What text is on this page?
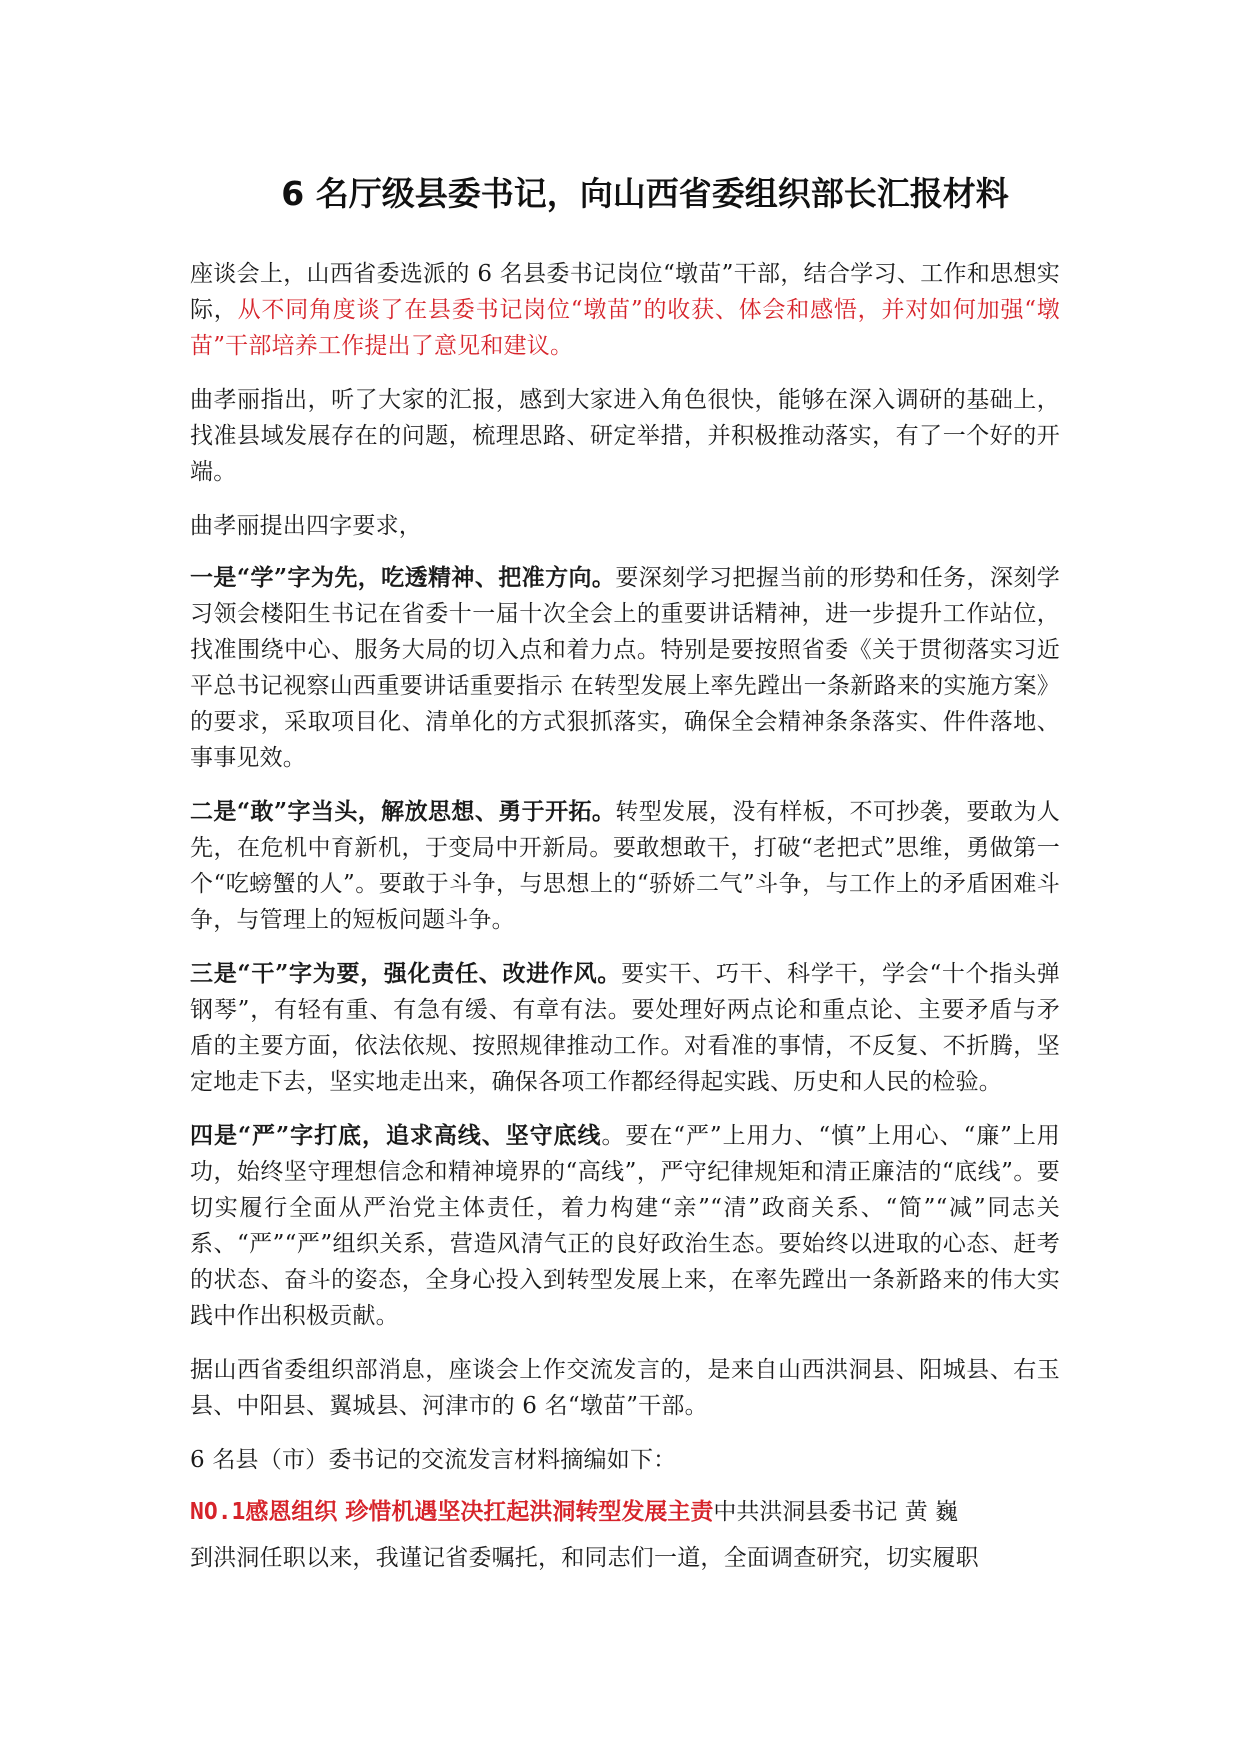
6 名厅级县委书记，向山西省委组织部长汇报材料

座谈会上，山西省委选派的 6 名县委书记岗位“墩苗”干部，结合学习、工作和思想实际，从不同角度谈了在县委书记岗位“墩苗”的收获、体会和感悟，并对如何加强“墩苗”干部培养工作提出了意见和建议。

曲孝丽指出，听了大家的汇报，感到大家进入角色很快，能够在深入调研的基础上，找准县域发展存在的问题，梳理思路、研定举措，并积极推动落实，有了一个好的开端。

曲孝丽提出四字要求，

一是“学”字为先，吃透精神、把准方向。要深刻学习把握当前的形势和任务，深刻学习领会楼阳生书记在省委十一届十次全会上的重要讲话精神，进一步提升工作站位，找准围绕中心、服务大局的切入点和着力点。特别是要按照省委《关于贯彻落实习近平总书记视察山西重要讲话重要指示 在转型发展上率先蹚出一条新路来的实施方案》的要求，采取项目化、清单化的方式狠抓落实，确保全会精神条条落实、件件落地、事事见效。

二是“敢”字当头，解放思想、勇于开拓。转型发展，没有样板，不可抄袭，要敢为人先，在危机中育新机，于变局中开新局。要敢想敢干，打破“老把式”思维，勇做第一个“吃螃蟹的人”。要敢于斗争，与思想上的“骄娇二气”斗争，与工作上的矛盾困难斗争，与管理上的短板问题斗争。

三是“干”字为要，强化责任、改进作风。要实干、巧干、科学干，学会“十个指头弹钢琴”，有轻有重、有急有缓、有章有法。要处理好两点论和重点论、主要矛盾与矛盾的主要方面，依法依规、按照规律推动工作。对看准的事情，不反复、不折腾，坚定地走下去，坚实地走出来，确保各项工作都经得起实践、历史和人民的检验。

四是“严”字打底，追求高线、坚守底线。要在“严”上用力、“慎”上用心、“廉”上用功，始终坚守理想信念和精神境界的“高线”，严守纪律规矩和清正廉洁的“底线”。要切实履行全面从严治党主体责任，着力构建“亲”“清”政商关系、“简”“减”同志关系、“严”“严”组织关系，营造风清气正的良好政治生态。要始终以进取的心态、赶考的状态、奋斗的姿态，全身心投入到转型发展上来，在率先蹚出一条新路来的伟大实践中作出积极贡献。

据山西省委组织部消息，座谈会上作交流发言的，是来自山西洪洞县、阳城县、右玉县、中阳县、翼城县、河津市的 6 名“墩苗”干部。

6 名县（市）委书记的交流发言材料摘编如下：

NO.1感恩组织 珍惜机遇坚决扛起洪洞转型发展主责中共洪洞县委书记 黄 巍

到洪洞任职以来，我谨记省委嘱托，和同志们一道，全面调查研究，切实履职
